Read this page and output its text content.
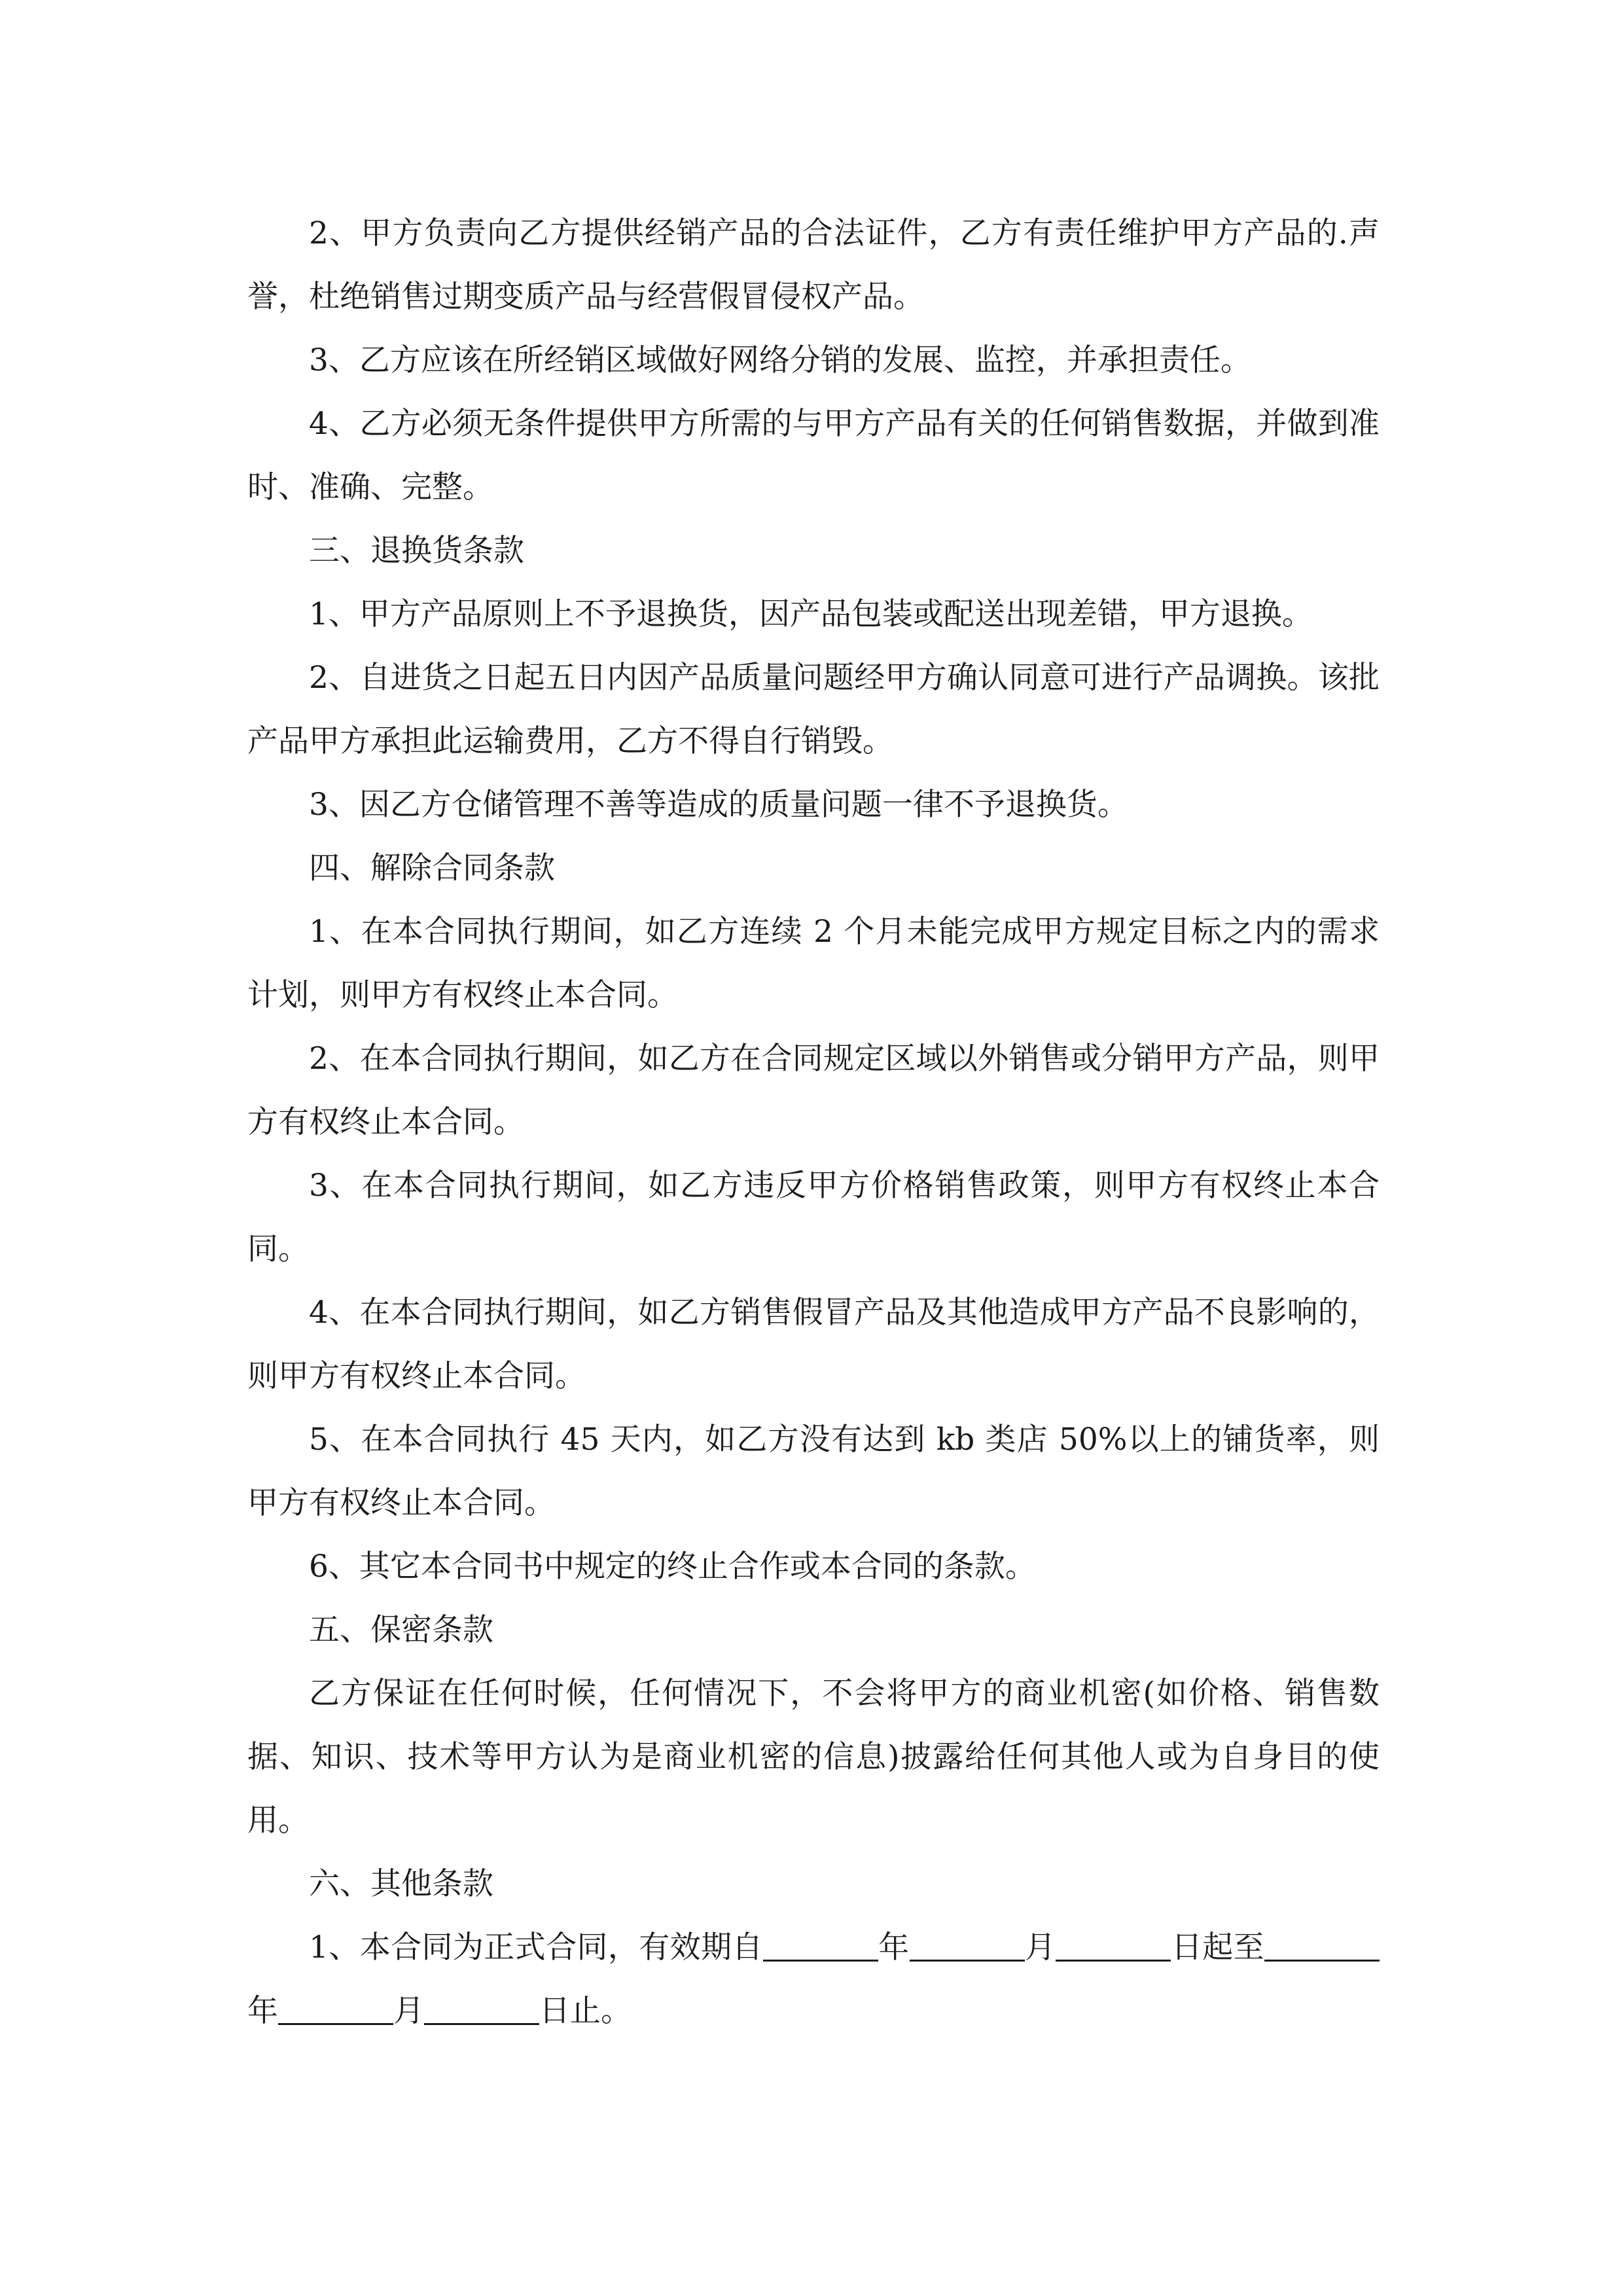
2、甲方负责向乙方提供经销产品的合法证件，乙方有责任维护甲方产品的.声誉，杜绝销售过期变质产品与经营假冒侵权产品。

3、乙方应该在所经销区域做好网络分销的发展、监控，并承担责任。

4、乙方必须无条件提供甲方所需的与甲方产品有关的任何销售数据，并做到准时、准确、完整。

三、退换货条款

1、甲方产品原则上不予退换货，因产品包装或配送出现差错，甲方退换。

2、自进货之日起五日内因产品质量问题经甲方确认同意可进行产品调换。该批产品甲方承担此运输费用，乙方不得自行销毁。

3、因乙方仓储管理不善等造成的质量问题一律不予退换货。

四、解除合同条款

1、在本合同执行期间，如乙方连续 2 个月未能完成甲方规定目标之内的需求计划，则甲方有权终止本合同。

2、在本合同执行期间，如乙方在合同规定区域以外销售或分销甲方产品，则甲方有权终止本合同。

3、在本合同执行期间，如乙方违反甲方价格销售政策，则甲方有权终止本合同。

4、在本合同执行期间，如乙方销售假冒产品及其他造成甲方产品不良影响的，则甲方有权终止本合同。

5、在本合同执行 45 天内，如乙方没有达到 kb 类店 50%以上的铺货率，则甲方有权终止本合同。

6、其它本合同书中规定的终止合作或本合同的条款。

五、保密条款

乙方保证在任何时候，任何情况下，不会将甲方的商业机密(如价格、销售数据、知识、技术等甲方认为是商业机密的信息)披露给任何其他人或为自身目的使用。

六、其他条款

1、本合同为正式合同，有效期自	年	月	日起至年	月	日止。
